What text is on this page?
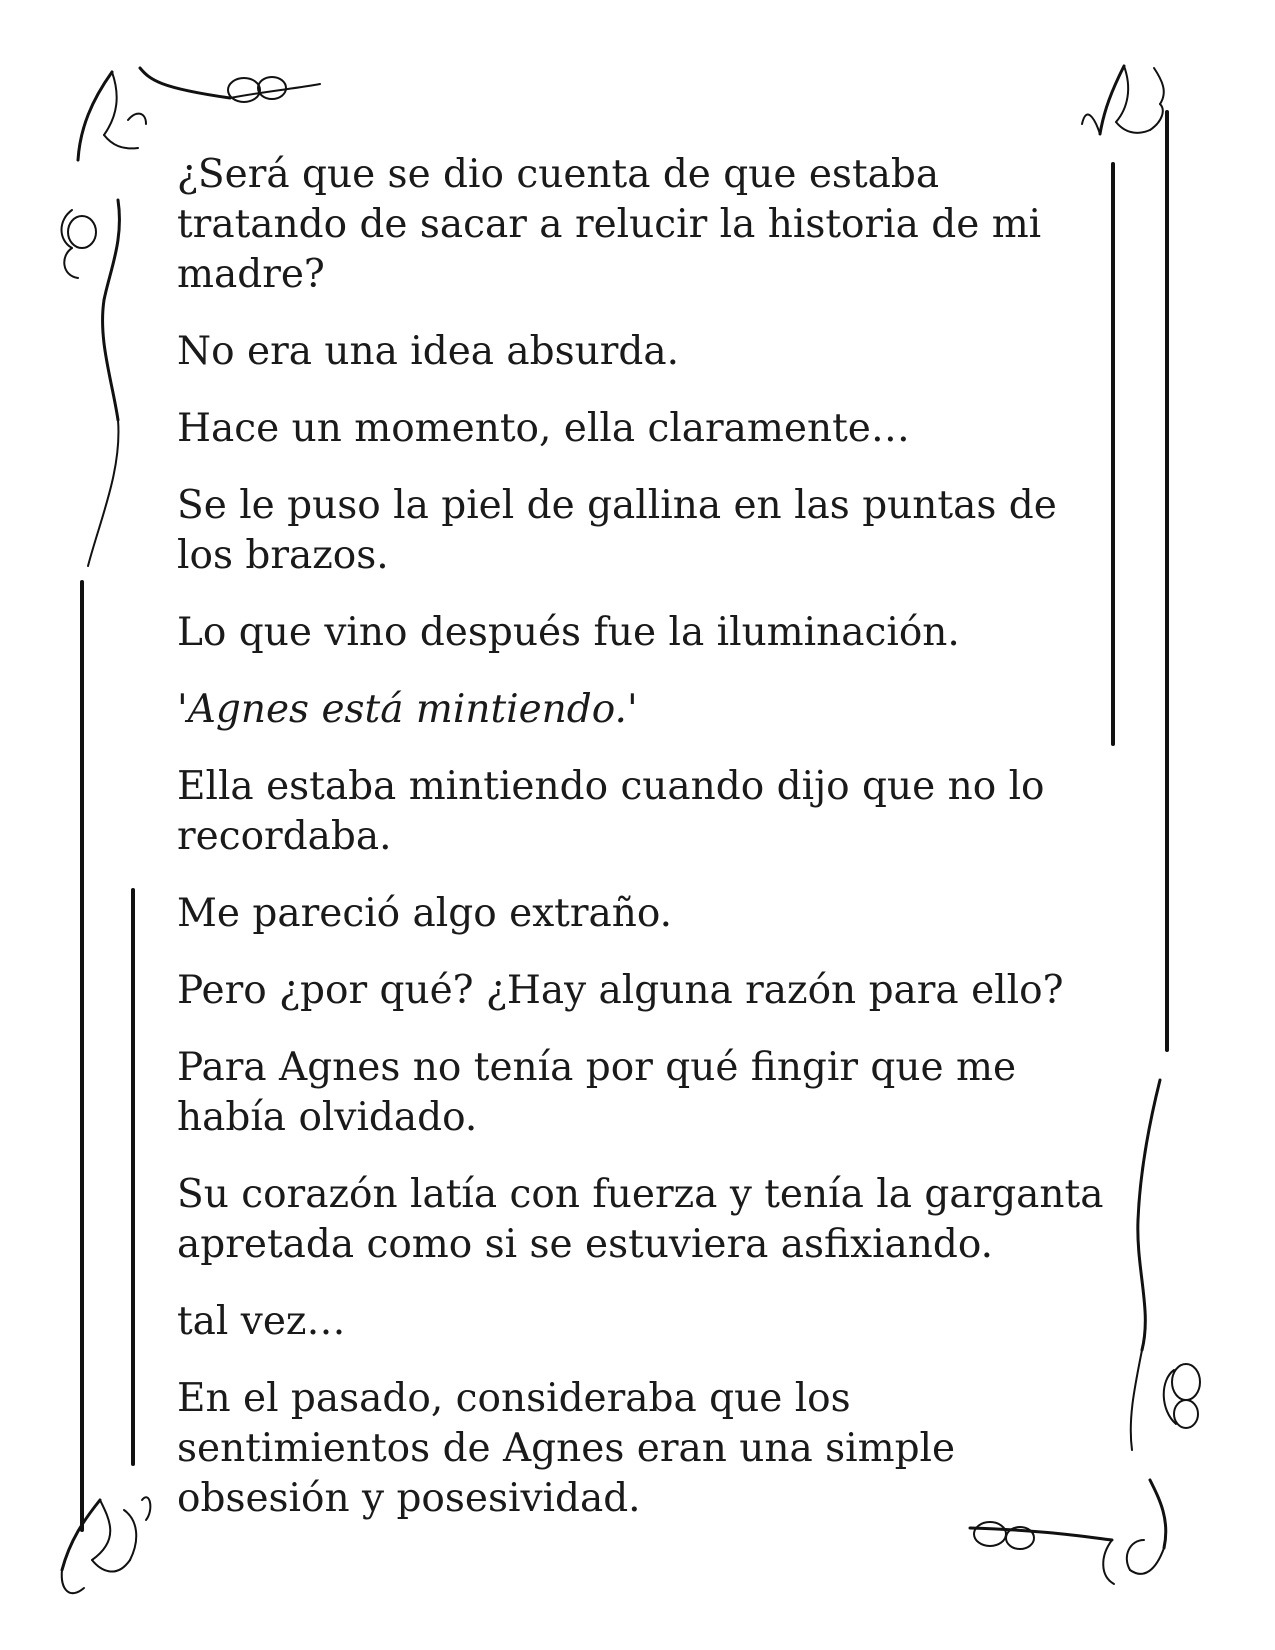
¿Será que se dio cuenta de que estaba tratando de sacar a relucir la historia de mi madre?

No era una idea absurda.

Hace un momento, ella claramente…

Se le puso la piel de gallina en las puntas de los brazos.

Lo que vino después fue la iluminación.

'Agnes está mintiendo.'

Ella estaba mintiendo cuando dijo que no lo recordaba.

Me pareció algo extraño.

Pero ¿por qué? ¿Hay alguna razón para ello?

Para Agnes no tenía por qué fingir que me había olvidado.

Su corazón latía con fuerza y tenía la garganta apretada como si se estuviera asfixiando.

tal vez…

En el pasado, consideraba que los sentimientos de Agnes eran una simple obsesión y posesividad.
